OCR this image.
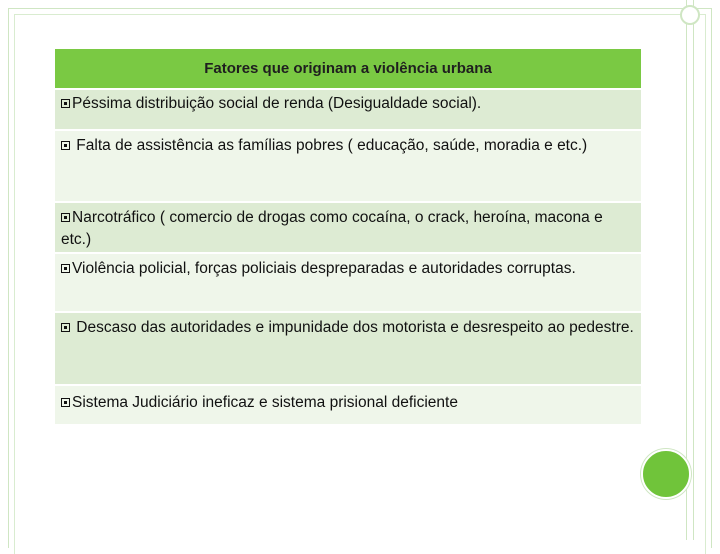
Fatores que originam a violência urbana
Péssima distribuição social de renda (Desigualdade social).
Falta de assistência as famílias pobres ( educação, saúde, moradia e etc.)
Narcotráfico ( comercio de drogas como cocaína, o crack, heroína, macona e etc.)
Violência policial, forças policiais despreparadas e autoridades corruptas.
Descaso das autoridades e impunidade dos motorista e desrespeito ao pedestre.
Sistema Judiciário ineficaz e sistema prisional deficiente
